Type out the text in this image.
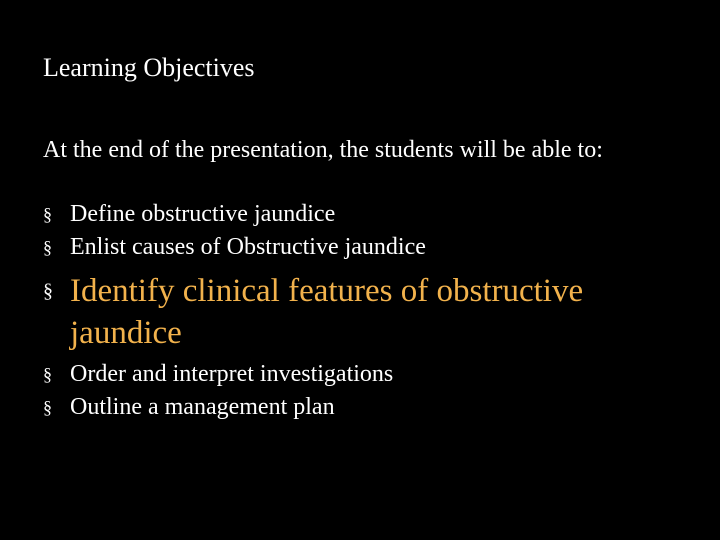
Learning Objectives
At the end of the presentation, the students will be able to:
§ Define obstructive jaundice
§ Enlist causes of Obstructive jaundice
§ Identify clinical features of obstructive jaundice
§ Order and interpret investigations
§ Outline a management plan
